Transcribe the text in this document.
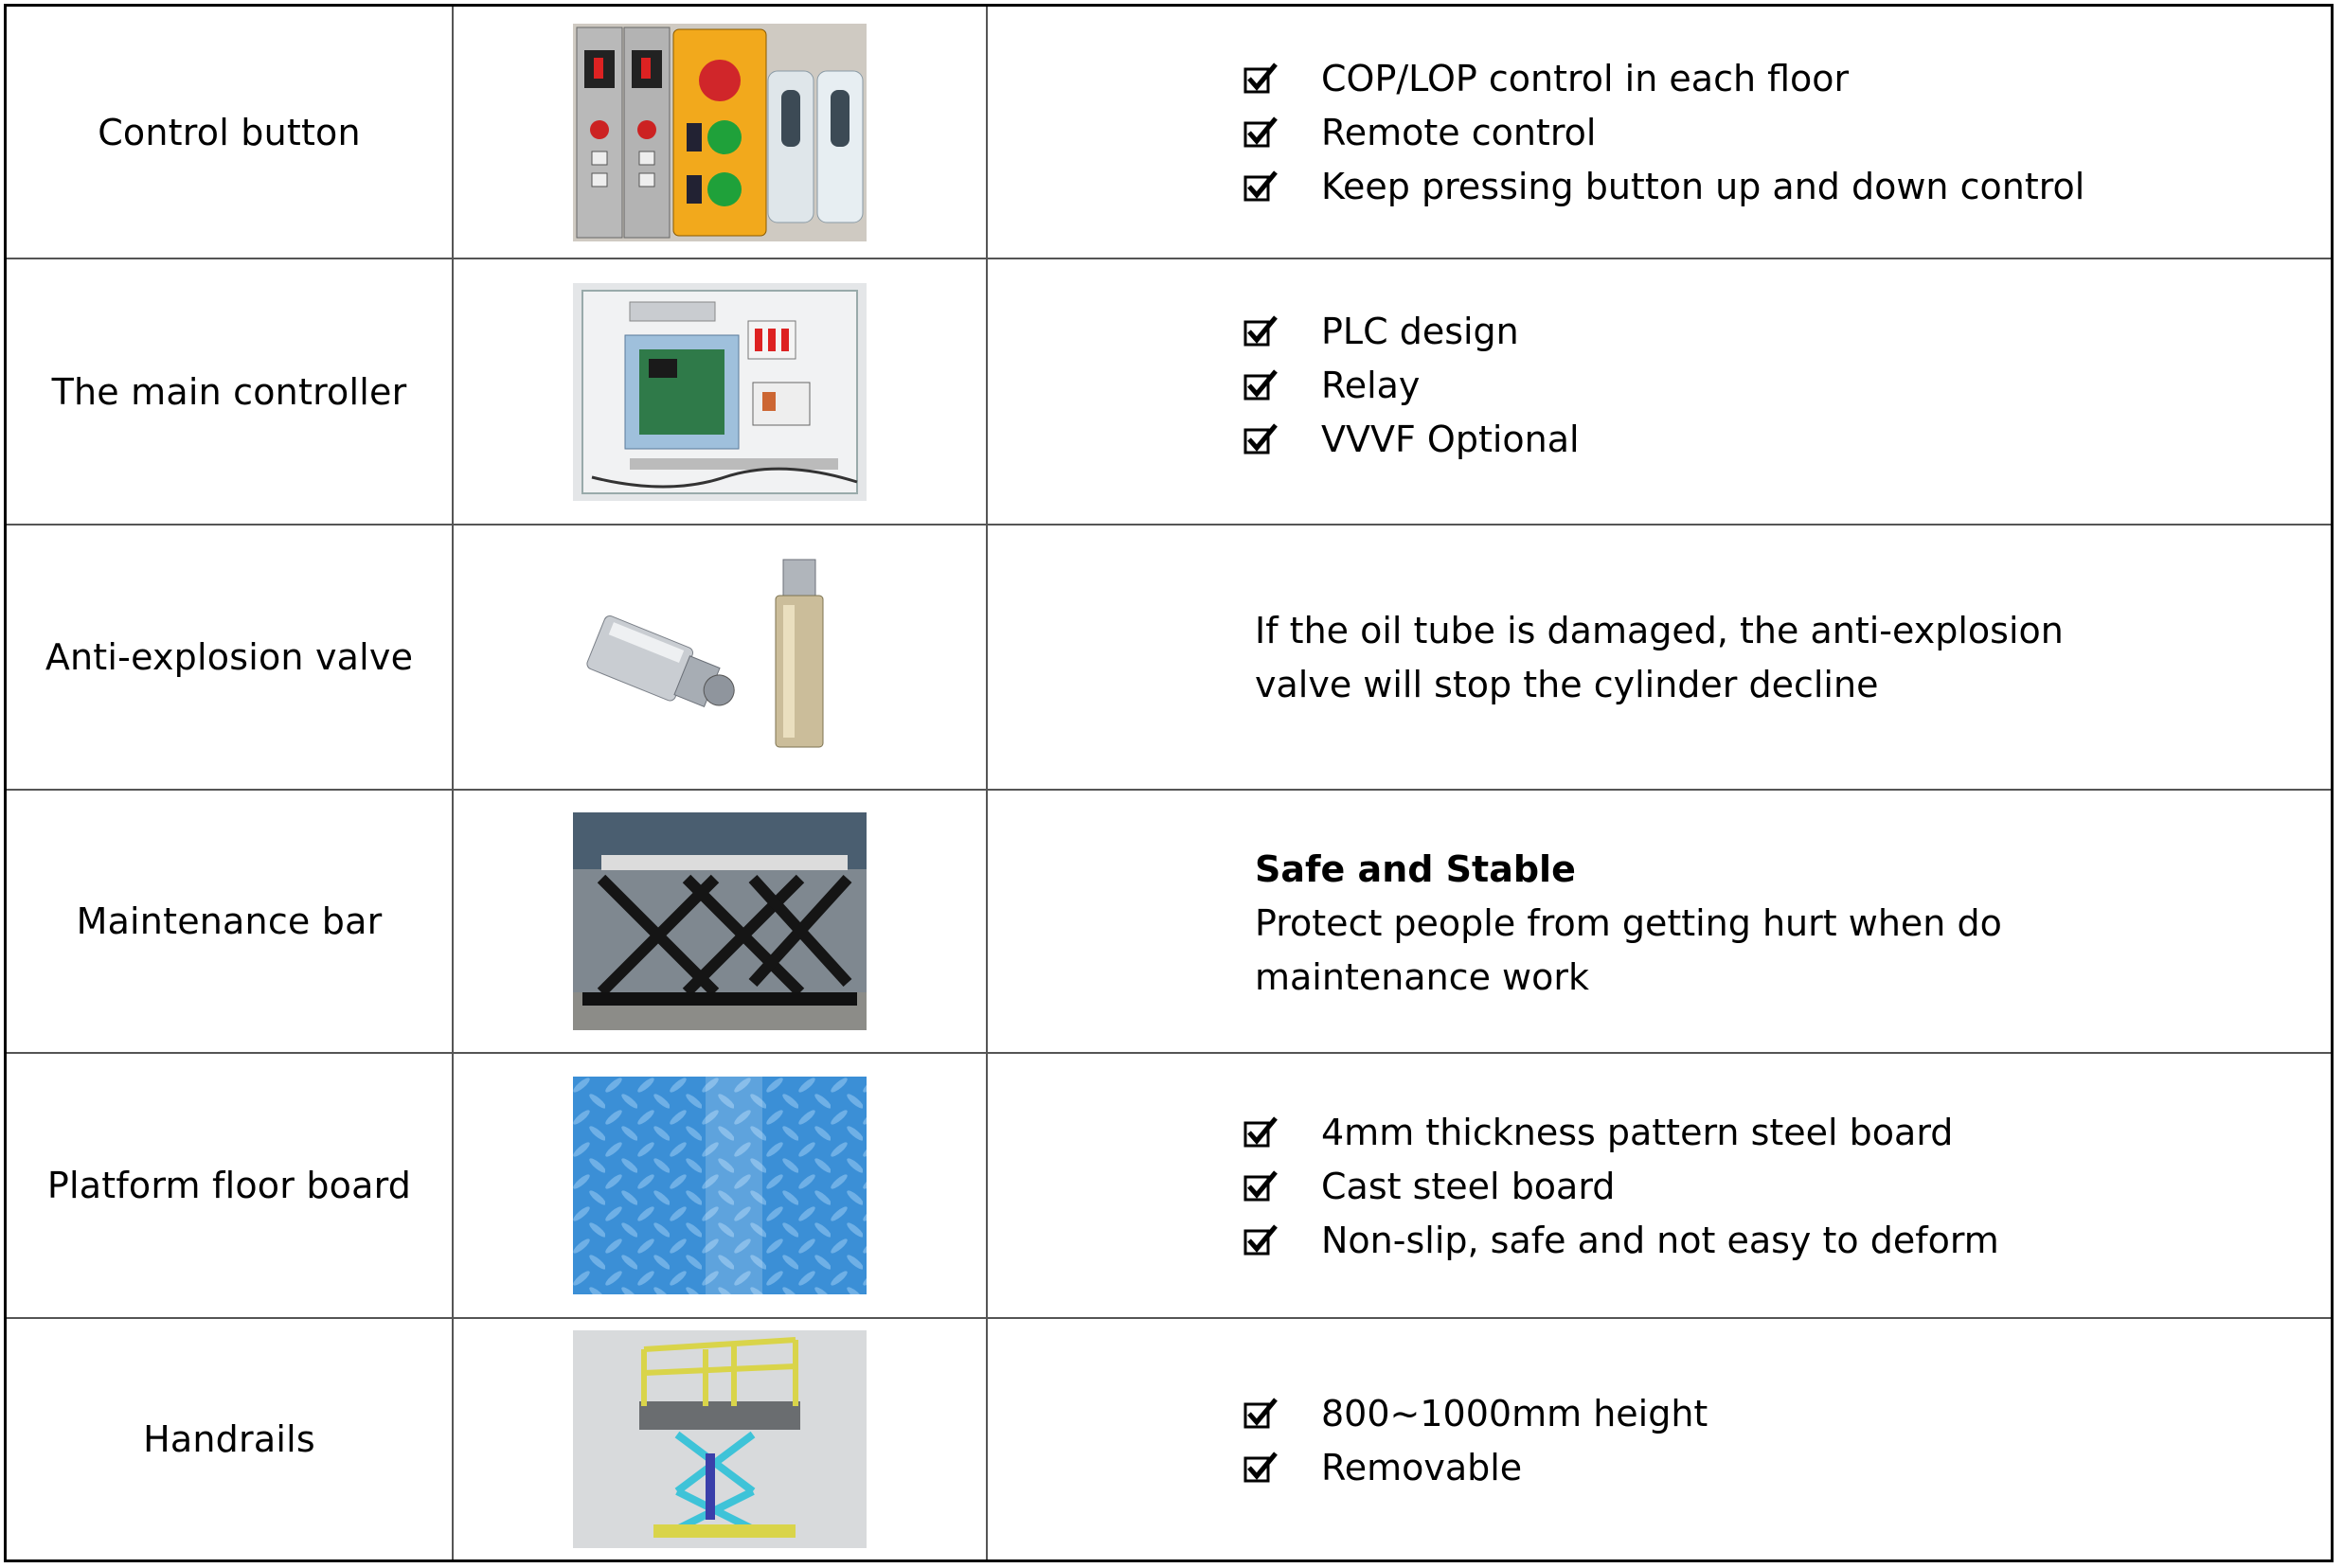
Control button
COP/LOP control in each floor
Remote control
Keep pressing button up and down control
The main controller
PLC design
Relay
VVVF Optional
Anti-explosion valve
If the oil tube is damaged, the anti-explosion
valve will stop the cylinder decline
Maintenance bar
Safe and Stable
Protect people from getting hurt when do
maintenance work
Platform floor board
4mm thickness pattern steel board
Cast steel board
Non-slip, safe and not easy to deform
Handrails
800~1000mm height
Removable
